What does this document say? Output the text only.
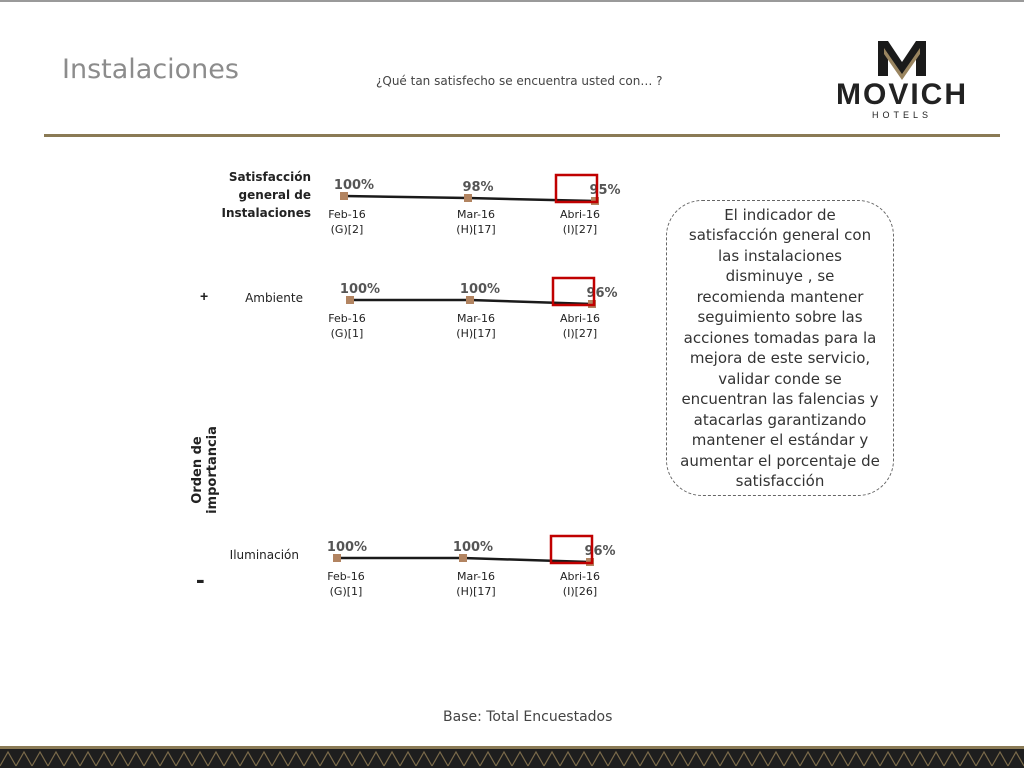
Instalaciones	¿Qué tan satisfecho se encuentra usted con… ?	MOVICH
HOTELS
Satisfacción general de Instalaciones
Ambiente
Iluminación
+
-
Orden de importancia
100%
Feb-16
(G)[2]
98%
Mar-16
(H)[17]
95%
Abri-16
(I)[27]
100%
Feb-16
(G)[1]
100%
Mar-16
(H)[17]
96%
Abri-16
(I)[27]
100%
Feb-16
(G)[1]
100%
Mar-16
(H)[17]
96%
Abri-16
(I)[26]
El indicador de satisfacción general con las instalaciones disminuye , se recomienda mantener seguimiento sobre las acciones tomadas para la mejora de este servicio, validar conde se encuentran las falencias y atacarlas garantizando mantener el estándar y aumentar el porcentaje de satisfacción
Base: Total Encuestados
